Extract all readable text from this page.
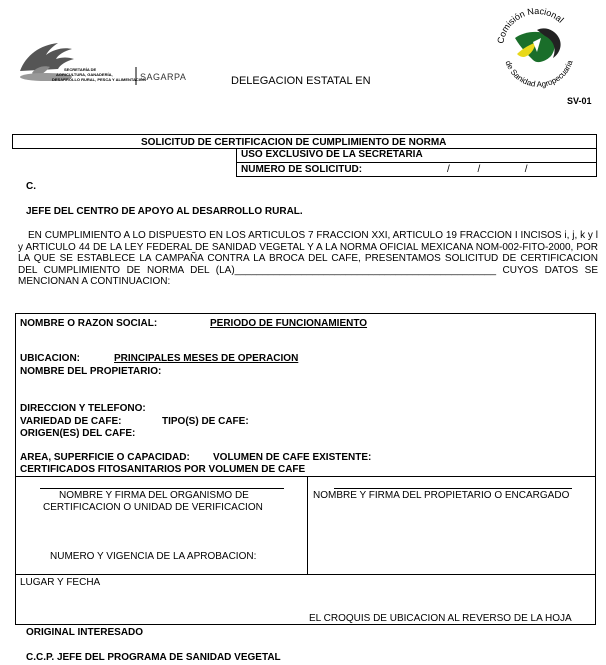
SECRETARÍA DE
AGRICULTURA, GANADERÍA,
DESARROLLO RURAL, PESCA Y ALIMENTACIÓN
SAGARPA	DELEGACION ESTATAL EN
Comisión Nacional
de Sanidad Agropecuaria
SV-01
SOLICITUD DE CERTIFICACION DE CUMPLIMIENTO DE NORMA
USO EXCLUSIVO DE LA SECRETARIA
NUMERO DE SOLICITUD:	/          /                /
C.
JEFE DEL CENTRO DE APOYO AL DESARROLLO RURAL.
EN CUMPLIMIENTO A LO DISPUESTO EN LOS ARTICULOS 7 FRACCION XXI, ARTICULO 19 FRACCION I INCISOS i, j, k y l y ARTICULO 44 DE LA LEY FEDERAL DE SANIDAD VEGETAL Y A LA NORMA OFICIAL MEXICANA NOM-002-FITO-2000, POR LA QUE SE ESTABLECE LA CAMPAÑA CONTRA LA BROCA DEL CAFE, PRESENTAMOS SOLICITUD DE CERTIFICACION DEL CUMPLIMIENTO DE NORMA DEL (LA)_______________________________________________ CUYOS DATOS SE MENCIONAN A CONTINUACION:
NOMBRE O RAZON SOCIAL:	PERIODO DE FUNCIONAMIENTO
UBICACION:	PRINCIPALES MESES DE OPERACION
NOMBRE DEL PROPIETARIO:
DIRECCION Y TELEFONO:
VARIEDAD DE CAFE:	TIPO(S) DE CAFE:
ORIGEN(ES) DEL CAFE:
AREA, SUPERFICIE O CAPACIDAD: VOLUMEN DE CAFE EXISTENTE:
CERTIFICADOS FITOSANITARIOS POR VOLUMEN DE CAFE
NOMBRE Y FIRMA DEL ORGANISMO DE
CERTIFICACION O UNIDAD DE VERIFICACION
NUMERO Y VIGENCIA DE LA APROBACION:
NOMBRE Y FIRMA DEL PROPIETARIO O ENCARGADO
LUGAR Y FECHA
EL CROQUIS DE UBICACION AL REVERSO DE LA HOJA
ORIGINAL INTERESADO
C.C.P. JEFE DEL PROGRAMA DE SANIDAD VEGETAL
